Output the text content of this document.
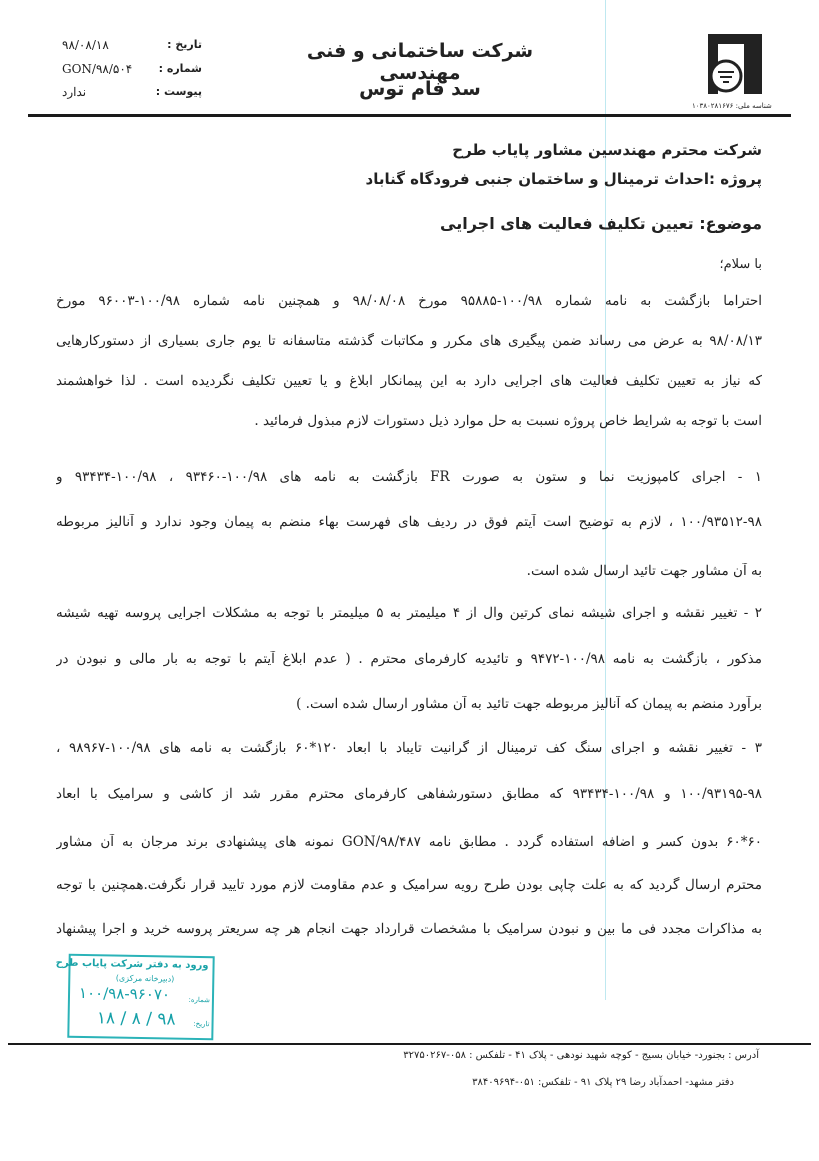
شناسه ملی: ۱۰۳۸۰۲۸۱۶۷۶
شرکت ساختمانی و فنی مهندسی
سد فام توس
تاریخ :
۹۸/۰۸/۱۸
شماره :
GON/۹۸/۵۰۴
پیوست :
ندارد
شرکت محترم مهندسین مشاور پایاب طرح
پروژه :احداث ترمینال و ساختمان جنبی فرودگاه گناباد
موضوع: تعیین تکلیف فعالیت های اجرایی
با سلام؛
احتراما بازگشت به نامه شماره ۱۰۰/۹۸-۹۵۸۸۵ مورخ ۹۸/۰۸/۰۸ و همچنین نامه شماره ۱۰۰/۹۸-۹۶۰۰۳ مورخ
۹۸/۰۸/۱۳ به عرض می رساند ضمن پیگیری های مکرر و مکاتبات گذشته متاسفانه تا یوم جاری بسیاری از دستورکارهایی
که نیاز به تعیین تکلیف فعالیت های اجرایی دارد به این پیمانکار ابلاغ و یا تعیین تکلیف نگردیده است . لذا خواهشمند
است با توجه به شرایط خاص پروژه نسبت به حل موارد ذیل دستورات لازم مبذول فرمائید .
۱ - اجرای کامپوزیت نما و ستون به صورت FR بازگشت به نامه های ۱۰۰/۹۸-۹۳۴۶۰ ، ۱۰۰/۹۸-۹۳۴۳۴ و
۱۰۰/۹۳۵۱۲-۹۸ ، لازم به توضیح است آیتم فوق در ردیف های فهرست بهاء منضم به پیمان وجود ندارد و آنالیز مربوطه
به آن مشاور جهت تائید ارسال شده است.
۲ - تغییر نقشه و اجرای شیشه نمای کرتین وال از ۴ میلیمتر به ۵ میلیمتر با توجه به مشکلات اجرایی پروسه تهیه شیشه
مذکور ، بازگشت به نامه ۱۰۰/۹۸-۹۴۷۲ و تائیدیه کارفرمای محترم . ( عدم ابلاغ آیتم با توجه به بار مالی و نبودن در
برآورد منضم به پیمان که آنالیز مربوطه جهت تائید به آن مشاور ارسال شده است. )
۳ - تغییر نقشه و اجرای سنگ کف ترمینال از گرانیت تایباد با ابعاد ۱۲۰*۶۰ بازگشت به نامه های ۱۰۰/۹۸-۹۸۹۶۷ ،
۱۰۰/۹۳۱۹۵-۹۸ و ۱۰۰/۹۸-۹۳۴۳۴ که مطابق دستورشفاهی کارفرمای محترم مقرر شد از کاشی و سرامیک با ابعاد
۶۰*۶۰ بدون کسر و اضافه استفاده گردد . مطابق نامه GON/۹۸/۴۸۷ نمونه های پیشنهادی برند مرجان به آن مشاور
محترم ارسال گردید که به علت چاپی بودن طرح رویه سرامیک و عدم مقاومت لازم مورد تایید قرار نگرفت.همچنین با توجه
به مذاکرات مجدد فی ما بین و نبودن سرامیک با مشخصات قرارداد جهت انجام هر چه سریعتر پروسه خرید و اجرا پیشنهاد
ورود به دفتر شرکت پایاب طرح
(دبیرخانه مرکزی)
شماره:
۱۰۰/۹۸-۹۶۰۷۰
تاریخ:
۹۸ / ۸ / ۱۸
آدرس : بجنورد- خیابان بسیج - کوچه شهید نودهی - پلاک ۴۱ - تلفکس : ۰۵۸-۳۲۷۵۰۲۶۷
دفتر مشهد- احمدآباد رضا ۲۹ پلاک ۹۱ - تلفکس: ۰۵۱-۳۸۴۰۹۶۹۴
